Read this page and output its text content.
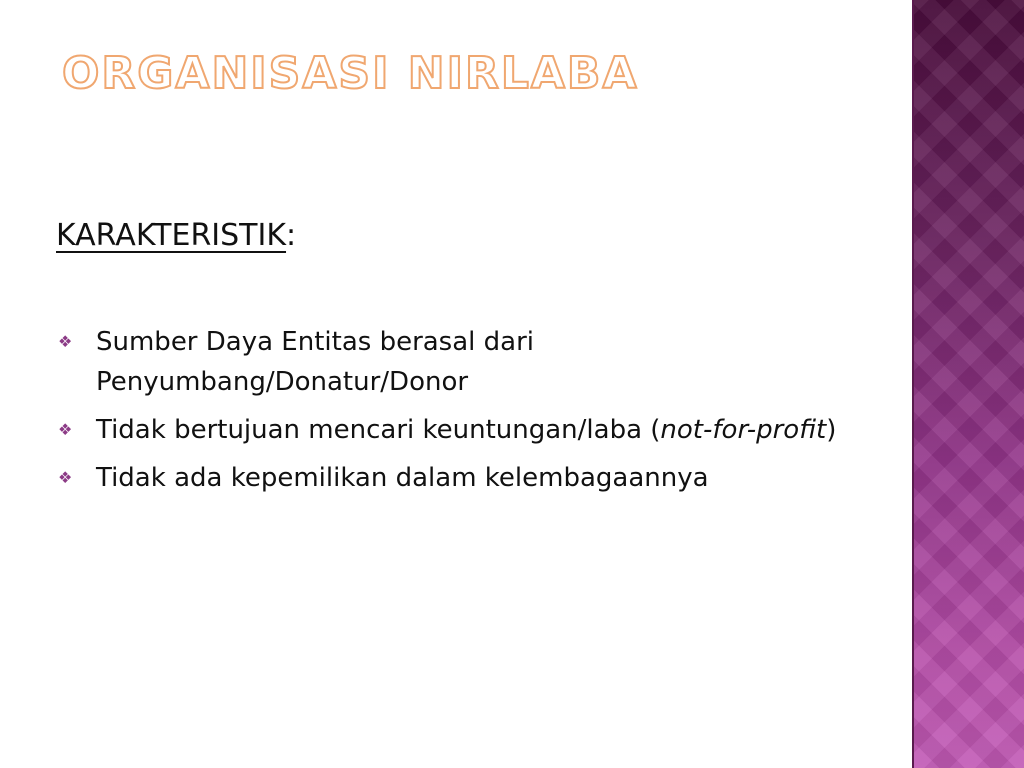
ORGANISASI NIRLABA
KARAKTERISTIK:
❖ Sumber Daya Entitas berasal dari Penyumbang/Donatur/Donor
❖ Tidak bertujuan mencari keuntungan/laba (not-for-profit)
❖ Tidak ada kepemilikan dalam kelembagaannya
